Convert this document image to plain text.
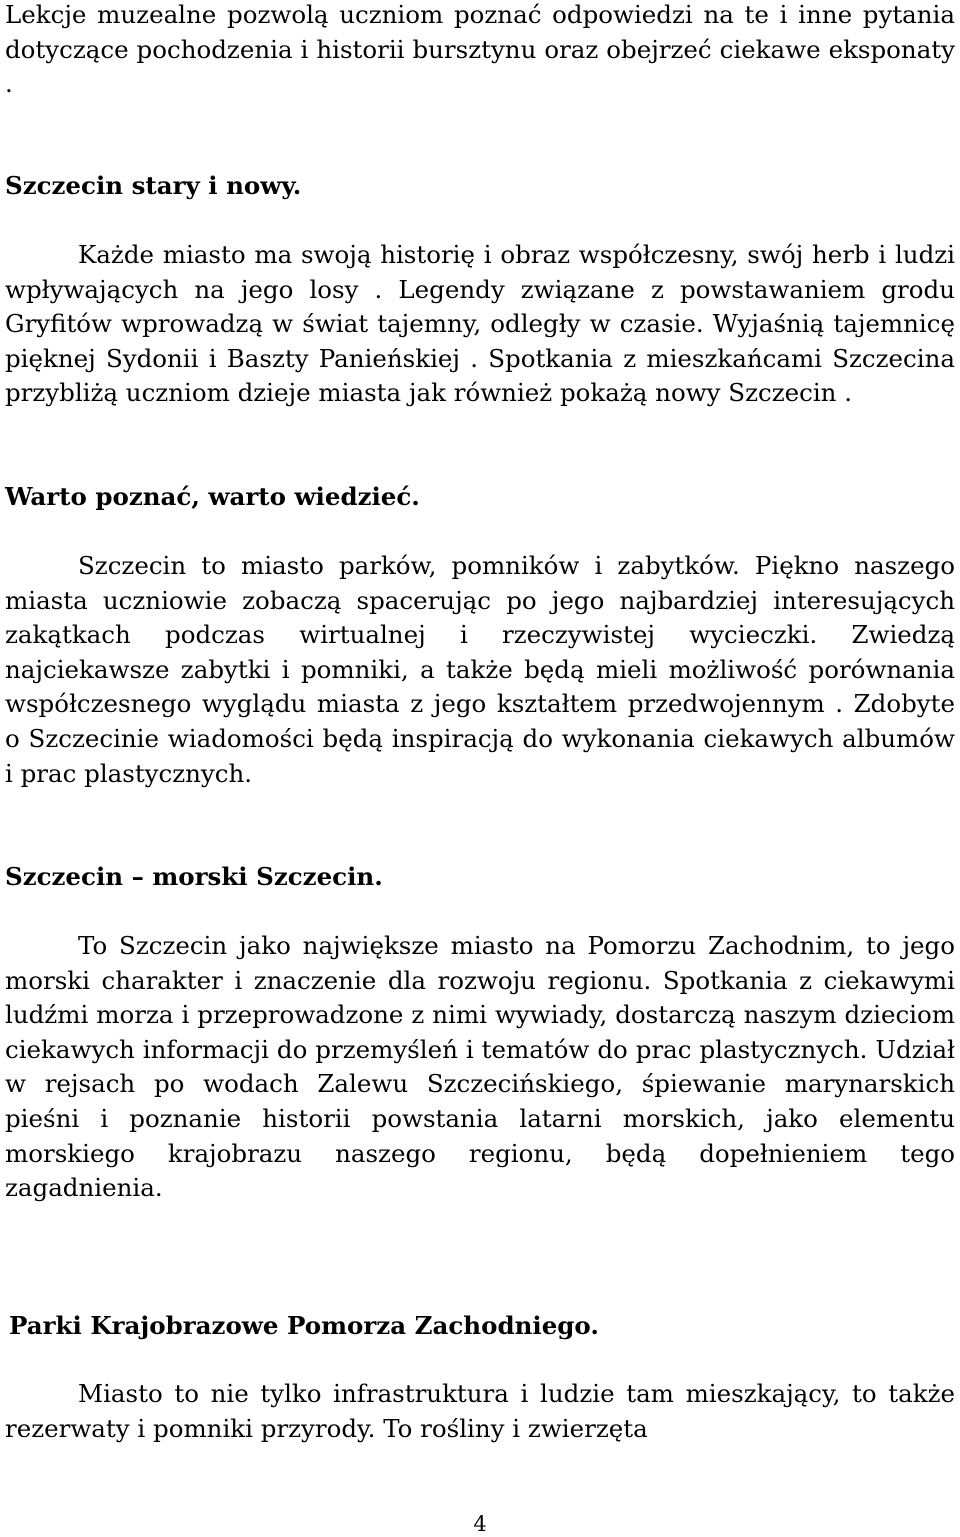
Lekcje muzealne pozwolą uczniom poznać odpowiedzi na te i inne pytania dotyczące pochodzenia i historii bursztynu oraz obejrzeć ciekawe eksponaty .

Szczecin stary i nowy.

Każde miasto ma swoją historię i obraz współczesny, swój herb i ludzi wpływających na jego losy . Legendy związane z powstawaniem grodu Gryfitów wprowadzą w świat tajemny, odległy w czasie. Wyjaśnią tajemnicę pięknej Sydonii i Baszty Panieńskiej . Spotkania z mieszkańcami Szczecina przybliżą uczniom dzieje miasta jak również pokażą nowy Szczecin .

Warto poznać, warto wiedzieć.

Szczecin to miasto parków, pomników i zabytków. Piękno naszego miasta uczniowie zobaczą spacerując po jego najbardziej interesujących zakątkach podczas wirtualnej i rzeczywistej wycieczki. Zwiedzą najciekawsze zabytki i pomniki, a także będą mieli możliwość porównania współczesnego wyglądu miasta z jego kształtem przedwojennym . Zdobyte o Szczecinie wiadomości będą inspiracją do wykonania ciekawych albumów i prac plastycznych.

Szczecin – morski Szczecin.

To Szczecin jako największe miasto na Pomorzu Zachodnim, to jego morski charakter i znaczenie dla rozwoju regionu. Spotkania z ciekawymi ludźmi morza i przeprowadzone z nimi wywiady, dostarczą naszym dzieciom ciekawych informacji do przemyśleń i tematów do prac plastycznych. Udział w rejsach po wodach Zalewu Szczecińskiego, śpiewanie marynarskich pieśni i poznanie historii powstania latarni morskich, jako elementu morskiego krajobrazu naszego regionu, będą dopełnieniem tego zagadnienia.

Parki Krajobrazowe Pomorza Zachodniego.

Miasto to nie tylko infrastruktura i ludzie tam mieszkający, to także rezerwaty i pomniki przyrody. To rośliny i zwierzęta

4
